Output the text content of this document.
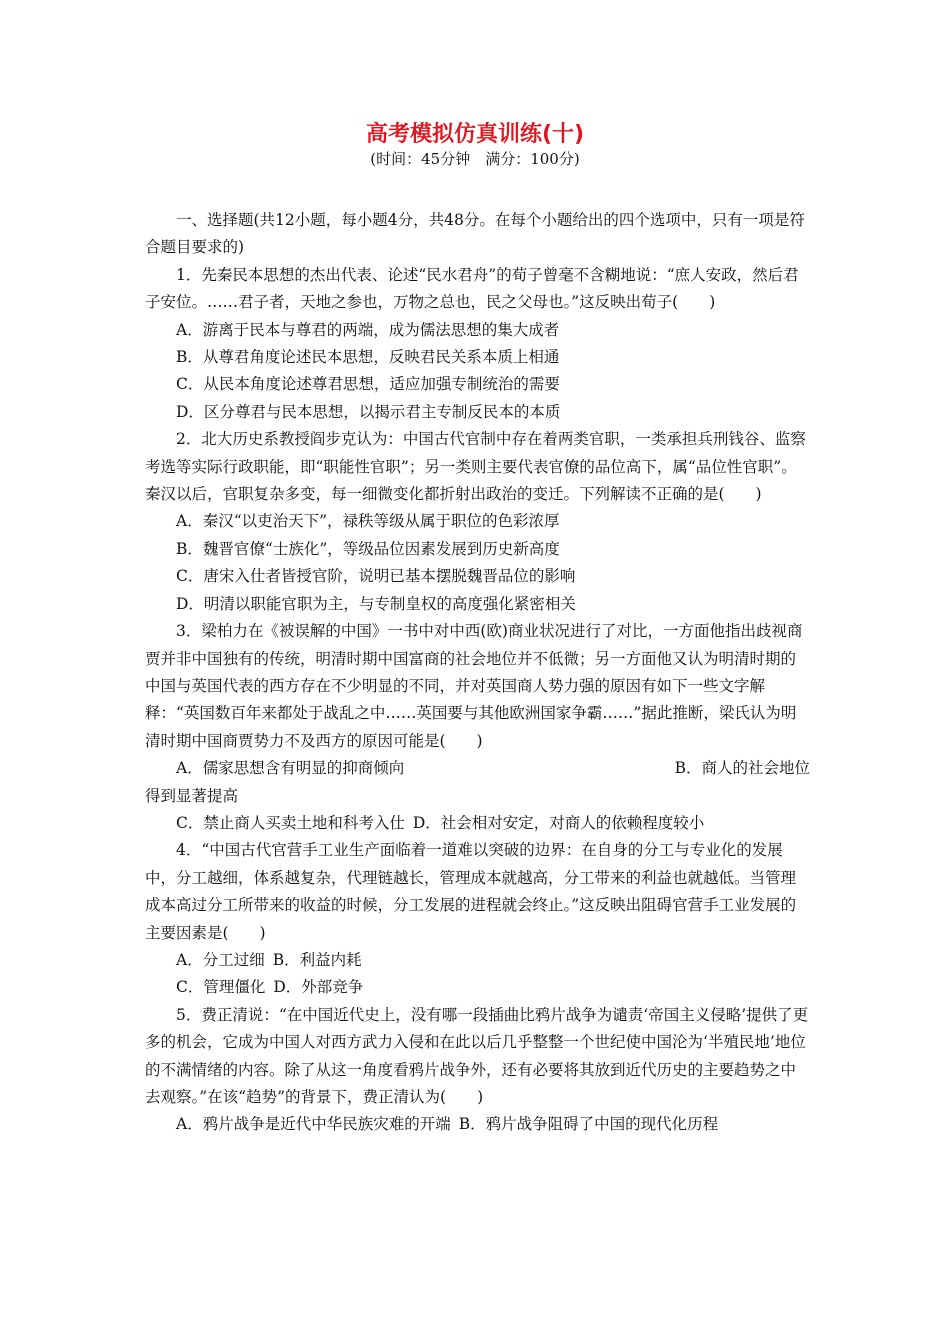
高考模拟仿真训练(十)
(时间：45分钟　满分：100分)

一、选择题(共12小题，每小题4分，共48分。在每个小题给出的四个选项中，只有一项是符合题目要求的)

1．先秦民本思想的杰出代表、论述“民水君舟”的荀子曾毫不含糊地说：“庶人安政，然后君子安位。……君子者，天地之参也，万物之总也，民之父母也。”这反映出荀子(　　)

A．游离于民本与尊君的两端，成为儒法思想的集大成者

B．从尊君角度论述民本思想，反映君民关系本质上相通

C．从民本角度论述尊君思想，适应加强专制统治的需要

D．区分尊君与民本思想，以揭示君主专制反民本的本质

2．北大历史系教授阎步克认为：中国古代官制中存在着两类官职，一类承担兵刑钱谷、监察考选等实际行政职能，即“职能性官职”；另一类则主要代表官僚的品位高下，属“品位性官职”。秦汉以后，官职复杂多变，每一细微变化都折射出政治的变迁。下列解读不正确的是(　　)

A．秦汉“以吏治天下”，禄秩等级从属于职位的色彩浓厚

B．魏晋官僚“士族化”，等级品位因素发展到历史新高度

C．唐宋入仕者皆授官阶，说明已基本摆脱魏晋品位的影响

D．明清以职能官职为主，与专制皇权的高度强化紧密相关

3．梁柏力在《被误解的中国》一书中对中西(欧)商业状况进行了对比，一方面他指出歧视商贾并非中国独有的传统，明清时期中国富商的社会地位并不低微；另一方面他又认为明清时期的中国与英国代表的西方存在不少明显的不同，并对英国商人势力强的原因有如下一些文字解释：“英国数百年来都处于战乱之中……英国要与其他欧洲国家争霸……”据此推断，梁氏认为明清时期中国商贾势力不及西方的原因可能是(　　)

A．儒家思想含有明显的抑商倾向	B．商人的社会地位

得到显著提高

C．禁止商人买卖土地和科考入仕 D．社会相对安定，对商人的依赖程度较小

4．“中国古代官营手工业生产面临着一道难以突破的边界：在自身的分工与专业化的发展中，分工越细，体系越复杂，代理链越长，管理成本就越高，分工带来的利益也就越低。当管理成本高过分工所带来的收益的时候，分工发展的进程就会终止。”这反映出阻碍官营手工业发展的主要因素是(　　)

A．分工过细 B．利益内耗

C．管理僵化 D．外部竞争

5．费正清说：“在中国近代史上，没有哪一段插曲比鸦片战争为谴责‘帝国主义侵略’提供了更多的机会，它成为中国人对西方武力入侵和在此以后几乎整整一个世纪使中国沦为‘半殖民地’地位的不满情绪的内容。除了从这一角度看鸦片战争外，还有必要将其放到近代历史的主要趋势之中去观察。”在该“趋势”的背景下，费正清认为(　　)

A．鸦片战争是近代中华民族灾难的开端 B．鸦片战争阻碍了中国的现代化历程
